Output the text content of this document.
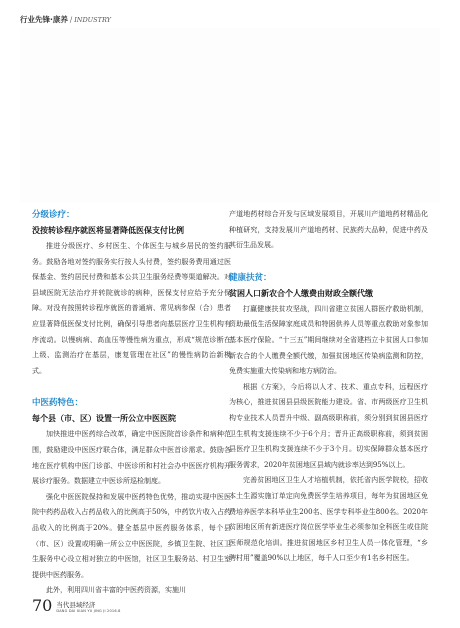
行业先锋·康养 / INDUSTRY
分级诊疗：
没按转诊程序就医将显著降低医保支付比例

推进分级医疗、乡村医生、个体医生与城乡居民的签约服务。鼓励各地对签约服务实行按人头付费，签约服务费用通过医保基金、签约居民付费和基本公共卫生服务经费等渠道解决。对县域医院无法治疗并转院就诊的病种，医保支付应给予充分保障。对没有按照转诊程序就医的普通病、常见病参保（合）患者应显著降低医保支付比例，确保引导患者向基层医疗卫生机构有序流动。以慢病病、高血压等慢性病为重点，形成“规范诊断在上级、监测治疗在基层，康复管理在社区”的慢性病防治新模式。

中医药特色：
每个县（市、区）设置一所公立中医医院

加快推进中医药综合改革，确定中医医院首诊条件和病种范围，鼓励建设中医医疗联合体，满足群众中医首诊需求。鼓励各地在医疗机构中医门诊部、中医诊所和村社会办中医医疗机构开展诊疗服务。数据建立中医诊所巡检制度。

强化中医医院保持和发展中医药特色优势，推动实现中医医院中药药品收入占药品收入的比例高于50%，中药饮片收入占药品收入的比例高于20%。健全基层中医药服务体系，每个县（市、区）设置或明确一所公立中医医院，乡镇卫生院、社区卫生服务中心设立相对独立的中医馆，社区卫生服务站、村卫生室提供中医药服务。

此外，利用四川省丰富的中医药资源，实施川

产道地药材综合开发与区域发展项目，开展川产道地药材精品化种植研究，支持发展川产道地药材、民族药大品种，促进中药及其衍生品发展。

健康扶贫：
贫困人口新农合个人缴费由财政全额代缴

打赢健康扶贫攻坚战，四川省建立贫困人群医疗救助机制，资助最低生活保障家庭成员和特困供养人员等重点救助对象参加基本医疗保险。“十三五”期间继续对全省建档立卡贫困人口参加新农合的个人缴费全额代缴，加强贫困地区传染病监测和防控，免费实施重大传染病和地方病防治。

根据《方案》，今后将以人才、技术、重点专科，远程医疗为核心，推进贫困县县级医院能力建设。省、市两级医疗卫生机构专业技术人员晋升中级、副高级职称前，须分别到贫困县医疗卫生机构支援连续不少于6个月；晋升正高级职称前，须到贫困县医疗卫生机构支援连续不少于3个月。切实保障群众基本医疗服务需求，2020年贫困地区县域内就诊率达到95%以上。

完善贫困地区卫生人才培植机制，依托省内医学院校，招收本土生源实施订单定向免费医学生培养项目，每年为贫困地区免费培养医学本科毕业生200名、医学专科毕业生800名。2020年贫困地区所有新进医疗岗位医学毕业生必须参加全科医生或住院医师规范化培训。推进贫困地区乡村卫生人员一体化管理，“乡聘村用”覆盖90%以上地区，每千人口至少有1名乡村医生。

70 当代县域经济
DANG DAI XIAN YU JING JI 2016.8
